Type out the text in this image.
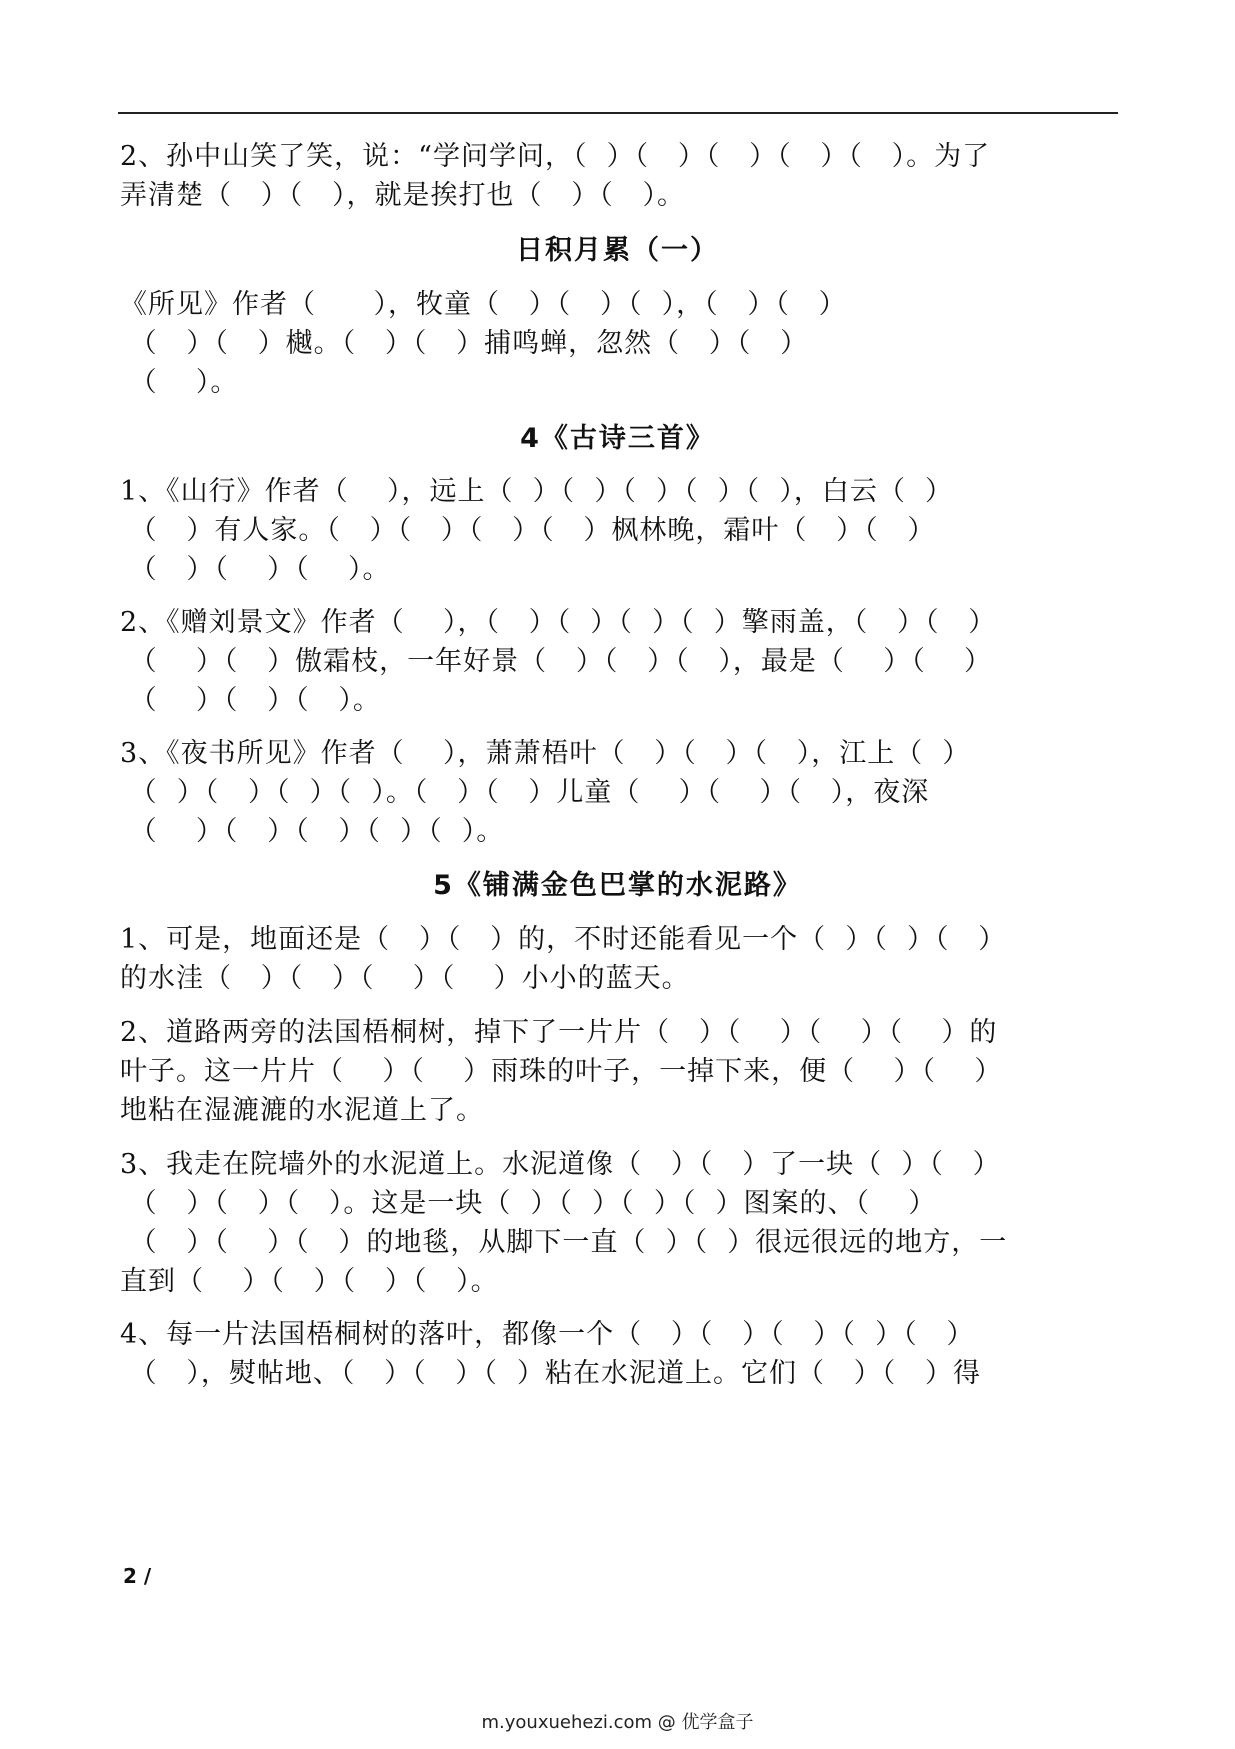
2、孙中山笑了笑，说：“学问学问，（  ）（   ）（   ）（   ）（   ）。为了
弄清楚（   ）（   ），就是挨打也（   ）（   ）。
日积月累（一）
《所见》作者（      ），牧童（   ）（   ）（  ），（   ）（   ）
（   ）（   ）樾。（   ）（   ）捕鸣蝉，忽然（   ）（   ）
（    ）。
4《古诗三首》
1、《山行》作者（    ），远上（  ）（  ）（  ）（  ）（  ），白云（  ）
（   ）有人家。（   ）（   ）（   ）（   ）枫林晚，霜叶（   ）（   ）
（   ）（    ）（    ）。
2、《赠刘景文》作者（    ），（   ）（  ）（  ）（  ）擎雨盖，（   ）（   ）
（    ）（   ）傲霜枝，一年好景（   ）（   ）（   ），最是（    ）（    ）
（    ）（   ）（   ）。
3、《夜书所见》作者（    ），萧萧梧叶（   ）（   ）（   ），江上（  ）
（  ）（   ）（  ）（  ）。（   ）（   ）儿童（    ）（    ）（   ），夜深
（    ）（   ）（   ）（  ）（  ）。
5《铺满金色巴掌的水泥路》
1、可是，地面还是（   ）（   ）的，不时还能看见一个（  ）（  ）（   ）
的水洼（   ）（   ）（    ）（    ）小小的蓝天。
2、道路两旁的法国梧桐树，掉下了一片片（   ）（    ）（    ）（    ）的
叶子。这一片片（    ）（    ）雨珠的叶子，一掉下来，便（    ）（    ）
地粘在湿漉漉的水泥道上了。
3、我走在院墙外的水泥道上。水泥道像（   ）（   ）了一块（  ）（   ）
（   ）（   ）（   ）。这是一块（  ）（  ）（  ）（  ）图案的、（    ）
（   ）（    ）（   ）的地毯，从脚下一直（  ）（  ）很远很远的地方，一
直到（    ）（   ）（   ）（   ）。
4、每一片法国梧桐树的落叶，都像一个（   ）（   ）（   ）（  ）（   ）
（   ），熨帖地、（   ）（   ）（  ）粘在水泥道上。它们（   ）（   ）得
2 /
m.youxuehezi.com @ 优学盒子
